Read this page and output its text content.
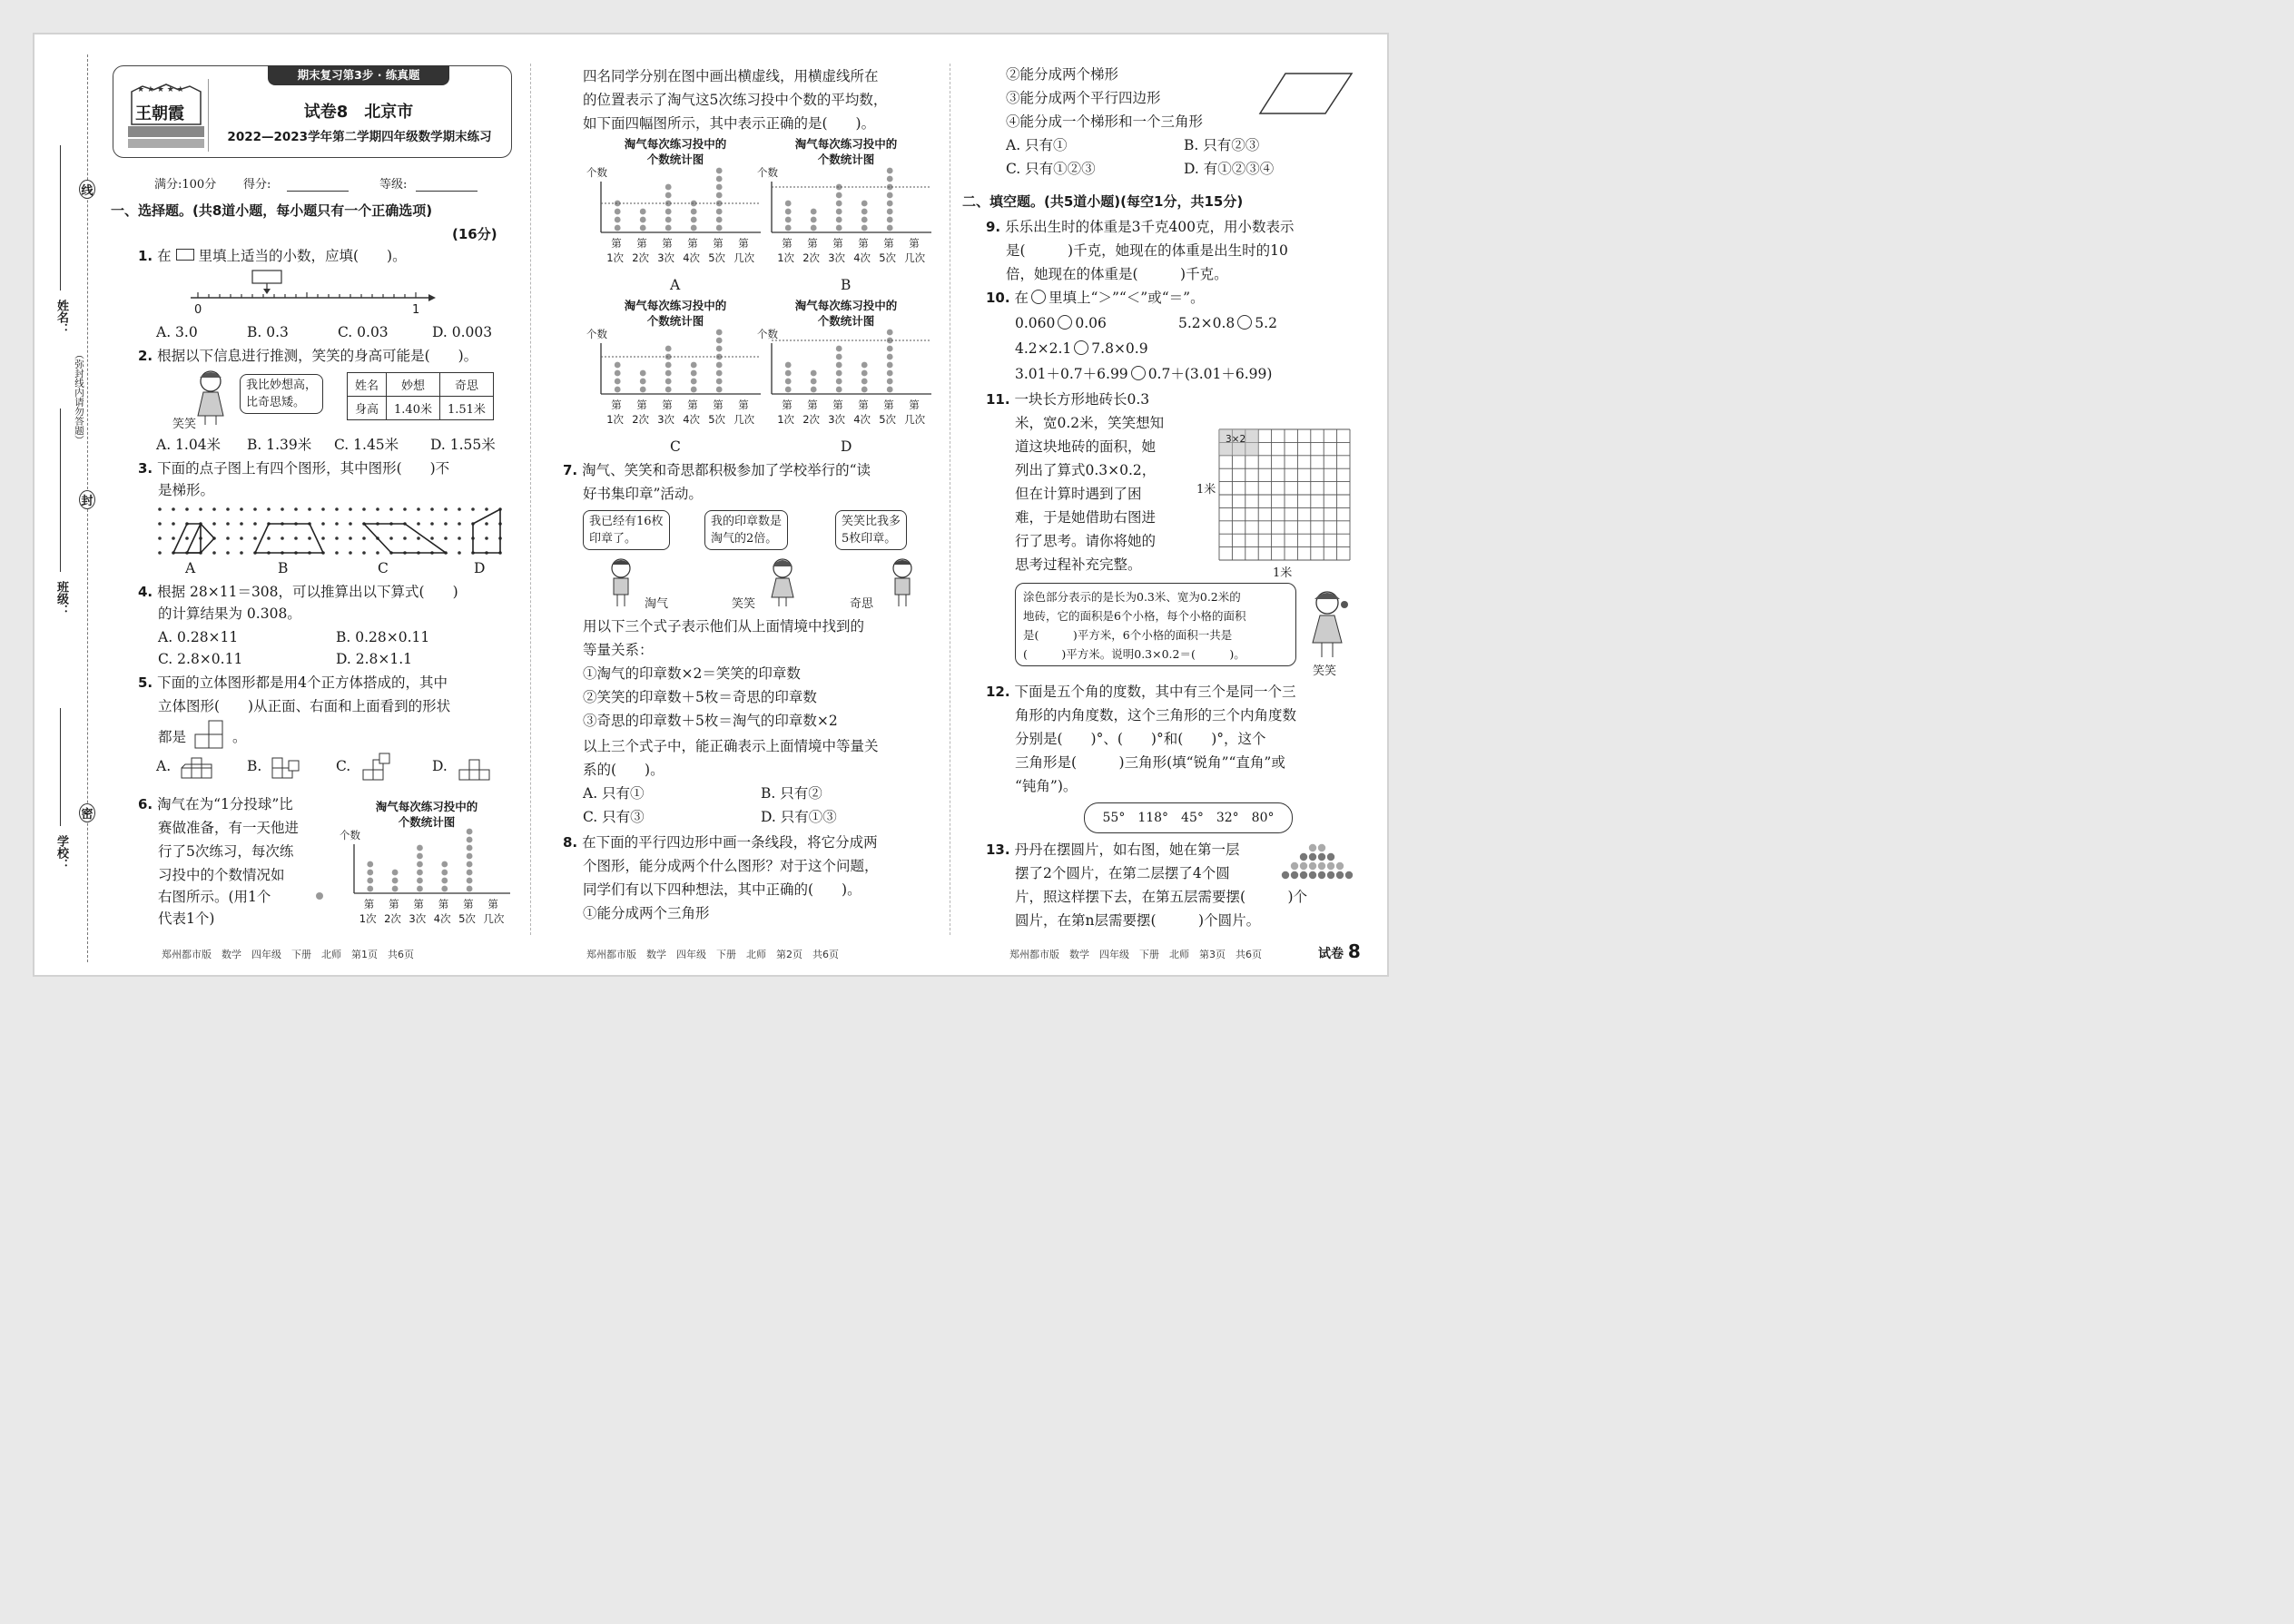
线
封
密
姓名：
班级：
学校：
（弥封线内请勿答题）
期末复习第3步 · 练真题
★ ★ ★ ★ ★
王朝霞	试卷8　北京市
2022—2023学年第二学期四年级数学期末练习
满分:100分 得分:	等级:
一、选择题。(共8道小题，每小题只有一个正确选项)
(16分)
1. 在 里填上适当的小数，应填(　　)。
0	1
A. 3.0	B. 0.3	C. 0.03	D. 0.003
2. 根据以下信息进行推测，笑笑的身高可能是(　　)。
笑笑
我比妙想高，
比奇思矮。
姓名	妙想	奇思
身高	1.40米	1.51米
A. 1.04米 B. 1.39米 C. 1.45米 D. 1.55米
3. 下面的点子图上有四个图形，其中图形(　　)不
是梯形。
A	B	C	D
4. 根据 28×11＝308，可以推算出以下算式(　　)
的计算结果为 0.308。
A. 0.28×11	B. 0.28×0.11
C. 2.8×0.11	D. 2.8×1.1
5. 下面的立体图形都是用4个正方体搭成的，其中
立体图形(　　)从正面、右面和上面看到的形状
都是	。
A.	B.	C.	D.
6. 淘气在为“1分投球”比
赛做准备，有一天他进
行了5次练习，每次练
习投中的个数情况如
右图所示。(用1个
代表1个)
淘气每次练习投中的
个数统计图
个数
第
1次
第
2次
第
3次
第
4次
第
5次
第
几次
郑州都市版　数学　四年级　下册　北师　第1页　共6页
四名同学分别在图中画出横虚线，用横虚线所在
的位置表示了淘气这5次练习投中个数的平均数，
如下面四幅图所示，其中表示正确的是(　　)。
淘气每次练习投中的
个数统计图
个数
第
1次
第
2次
第
3次
第
4次
第
5次
第
几次
淘气每次练习投中的
个数统计图
个数
第
1次
第
2次
第
3次
第
4次
第
5次
第
几次
A	B
淘气每次练习投中的
个数统计图
个数
第
1次
第
2次
第
3次
第
4次
第
5次
第
几次
淘气每次练习投中的
个数统计图
个数
第
1次
第
2次
第
3次
第
4次
第
5次
第
几次
C	D
7. 淘气、笑笑和奇思都积极参加了学校举行的“读
好书集印章”活动。
我已经有16枚
印章了。
我的印章数是
淘气的2倍。
笑笑比我多
5枚印章。
淘气	笑笑	奇思
用以下三个式子表示他们从上面情境中找到的
等量关系：
①淘气的印章数×2＝笑笑的印章数
②笑笑的印章数＋5枚＝奇思的印章数
③奇思的印章数＋5枚＝淘气的印章数×2
以上三个式子中，能正确表示上面情境中等量关
系的(　　)。
A. 只有①	B. 只有②
C. 只有③	D. 只有①③
8. 在下面的平行四边形中画一条线段，将它分成两
个图形，能分成两个什么图形？对于这个问题，
同学们有以下四种想法，其中正确的(　　)。
①能分成两个三角形
郑州都市版　数学　四年级　下册　北师　第2页　共6页
②能分成两个梯形
③能分成两个平行四边形
④能分成一个梯形和一个三角形
A. 只有①	B. 只有②③
C. 只有①②③	D. 有①②③④
二、填空题。(共5道小题)(每空1分，共15分)
9. 乐乐出生时的体重是3千克400克，用小数表示
是(　　　)千克，她现在的体重是出生时的10
倍，她现在的体重是(　　　)千克。
10. 在 里填上“＞”“＜”或“＝”。
0.060 0.06	5.2×0.8 5.2
4.2×2.1 7.8×0.9
3.01＋0.7＋6.99 0.7＋(3.01＋6.99)
11. 一块长方形地砖长0.3
米，宽0.2米，笑笑想知
道这块地砖的面积，她
列出了算式0.3×0.2，
但在计算时遇到了困
难，于是她借助右图进
行了思考。请你将她的
思考过程补充完整。
3×2
1米
1米
涂色部分表示的是长为0.3米、宽为0.2米的
地砖，它的面积是6个小格，每个小格的面积
是(　　　)平方米，6个小格的面积一共是
(　　　)平方米。说明0.3×0.2＝(　　　)。
笑笑
12. 下面是五个角的度数，其中有三个是同一个三
角形的内角度数，这个三角形的三个内角度数
分别是(　　)°、(　　)°和(　　)°，这个
三角形是(　　　)三角形(填“锐角”“直角”或
“钝角”)。
55°　118°　45°　32°　80°
13. 丹丹在摆圆片，如右图，她在第一层
摆了2个圆片，在第二层摆了4个圆
片，照这样摆下去，在第五层需要摆(　　　)个
圆片，在第n层需要摆(　　　)个圆片。
郑州都市版　数学　四年级　下册　北师　第3页　共6页	试卷 8
